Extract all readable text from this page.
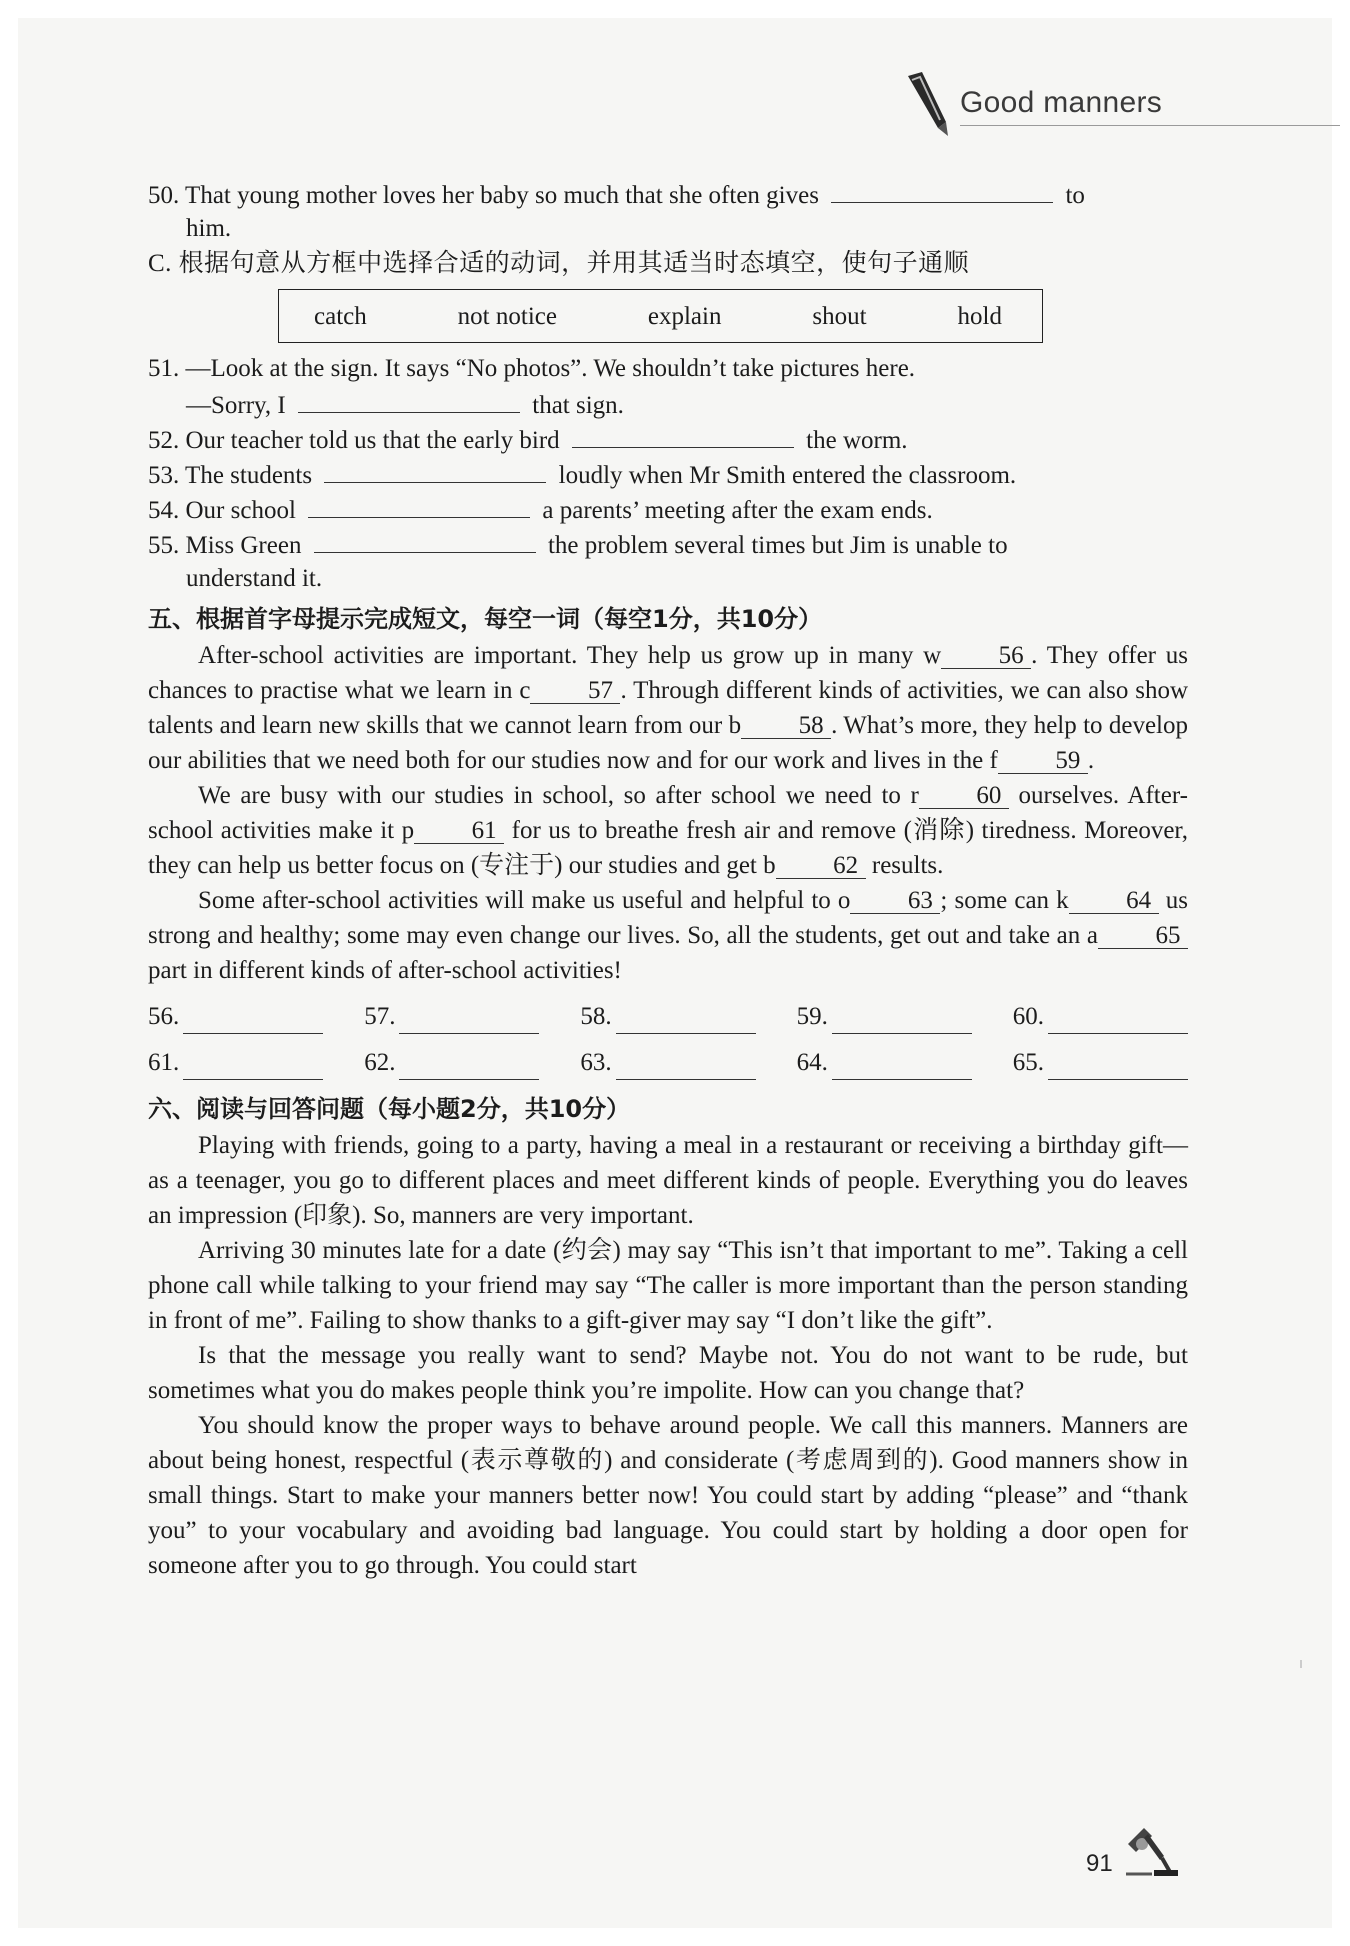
Good manners
50. That young mother loves her baby so much that she often gives	to
him.
C. 根据句意从方框中选择合适的动词，并用其适当时态填空，使句子通顺
catch	not notice	explain	shout	hold
51. —Look at the sign. It says “No photos”. We shouldn’t take pictures here.
—Sorry, I	that sign.
52. Our teacher told us that the early bird	the worm.
53. The students	loudly when Mr Smith entered the classroom.
54. Our school	a parents’ meeting after the exam ends.
55. Miss Green	the problem several times but Jim is unable to
understand it.
五、根据首字母提示完成短文，每空一词（每空1分，共10分）
After-school activities are important. They help us grow up in many w 56 . They offer us chances to practise what we learn in c 57 . Through different kinds of activities, we can also show talents and learn new skills that we cannot learn from our b 58 . What’s more, they help to develop our abilities that we need both for our studies now and for our work and lives in the f 59 .
We are busy with our studies in school, so after school we need to r 60 ourselves. After-school activities make it p 61 for us to breathe fresh air and remove (消除) tiredness. Moreover, they can help us better focus on (专注于) our studies and get b 62 results.
Some after-school activities will make us useful and helpful to o 63 ; some can k 64 us strong and healthy; some may even change our lives. So, all the students, get out and take an a 65 part in different kinds of after-school activities!
56.	57.	58.	59.	60.
61.	62.	63.	64.	65.
六、阅读与回答问题（每小题2分，共10分）
Playing with friends, going to a party, having a meal in a restaurant or receiving a birthday gift—as a teenager, you go to different places and meet different kinds of people. Everything you do leaves an impression (印象). So, manners are very important.
Arriving 30 minutes late for a date (约会) may say “This isn’t that important to me”. Taking a cell phone call while talking to your friend may say “The caller is more important than the person standing in front of me”. Failing to show thanks to a gift-giver may say “I don’t like the gift”.
Is that the message you really want to send? Maybe not. You do not want to be rude, but sometimes what you do makes people think you’re impolite. How can you change that?
You should know the proper ways to behave around people. We call this manners. Manners are about being honest, respectful (表示尊敬的) and considerate (考虑周到的). Good manners show in small things. Start to make your manners better now! You could start by adding “please” and “thank you” to your vocabulary and avoiding bad language. You could start by holding a door open for someone after you to go through. You could start
91
